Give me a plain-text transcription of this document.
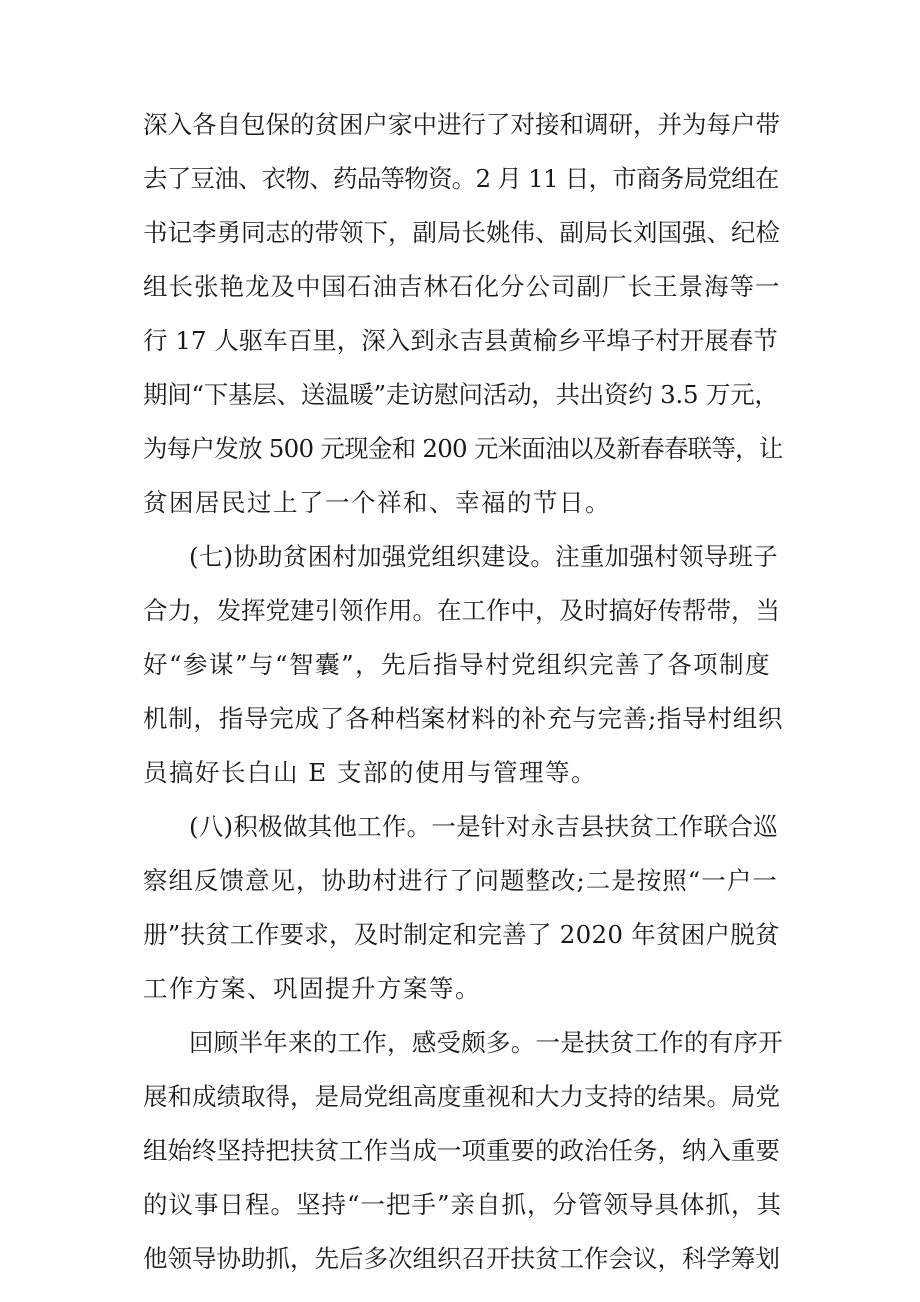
深入各自包保的贫困户家中进行了对接和调研，并为每户带
去了豆油、衣物、药品等物资。2 月 11 日，市商务局党组在
书记李勇同志的带领下，副局长姚伟、副局长刘国强、纪检
组长张艳龙及中国石油吉林石化分公司副厂长王景海等一
行 17 人驱车百里，深入到永吉县黄榆乡平埠子村开展春节
期间“下基层、送温暖”走访慰问活动，共出资约 3.5 万元，
为每户发放 500 元现金和 200 元米面油以及新春春联等，让
贫困居民过上了一个祥和、幸福的节日。
(七)协助贫困村加强党组织建设。注重加强村领导班子
合力，发挥党建引领作用。在工作中，及时搞好传帮带，当
好“参谋”与“智囊”，先后指导村党组织完善了各项制度
机制，指导完成了各种档案材料的补充与完善;指导村组织
员搞好长白山 E 支部的使用与管理等。
(八)积极做其他工作。一是针对永吉县扶贫工作联合巡
察组反馈意见，协助村进行了问题整改;二是按照“一户一
册”扶贫工作要求，及时制定和完善了 2020 年贫困户脱贫
工作方案、巩固提升方案等。
回顾半年来的工作，感受颇多。一是扶贫工作的有序开
展和成绩取得，是局党组高度重视和大力支持的结果。局党
组始终坚持把扶贫工作当成一项重要的政治任务，纳入重要
的议事日程。坚持“一把手”亲自抓，分管领导具体抓，其
他领导协助抓，先后多次组织召开扶贫工作会议，科学筹划
